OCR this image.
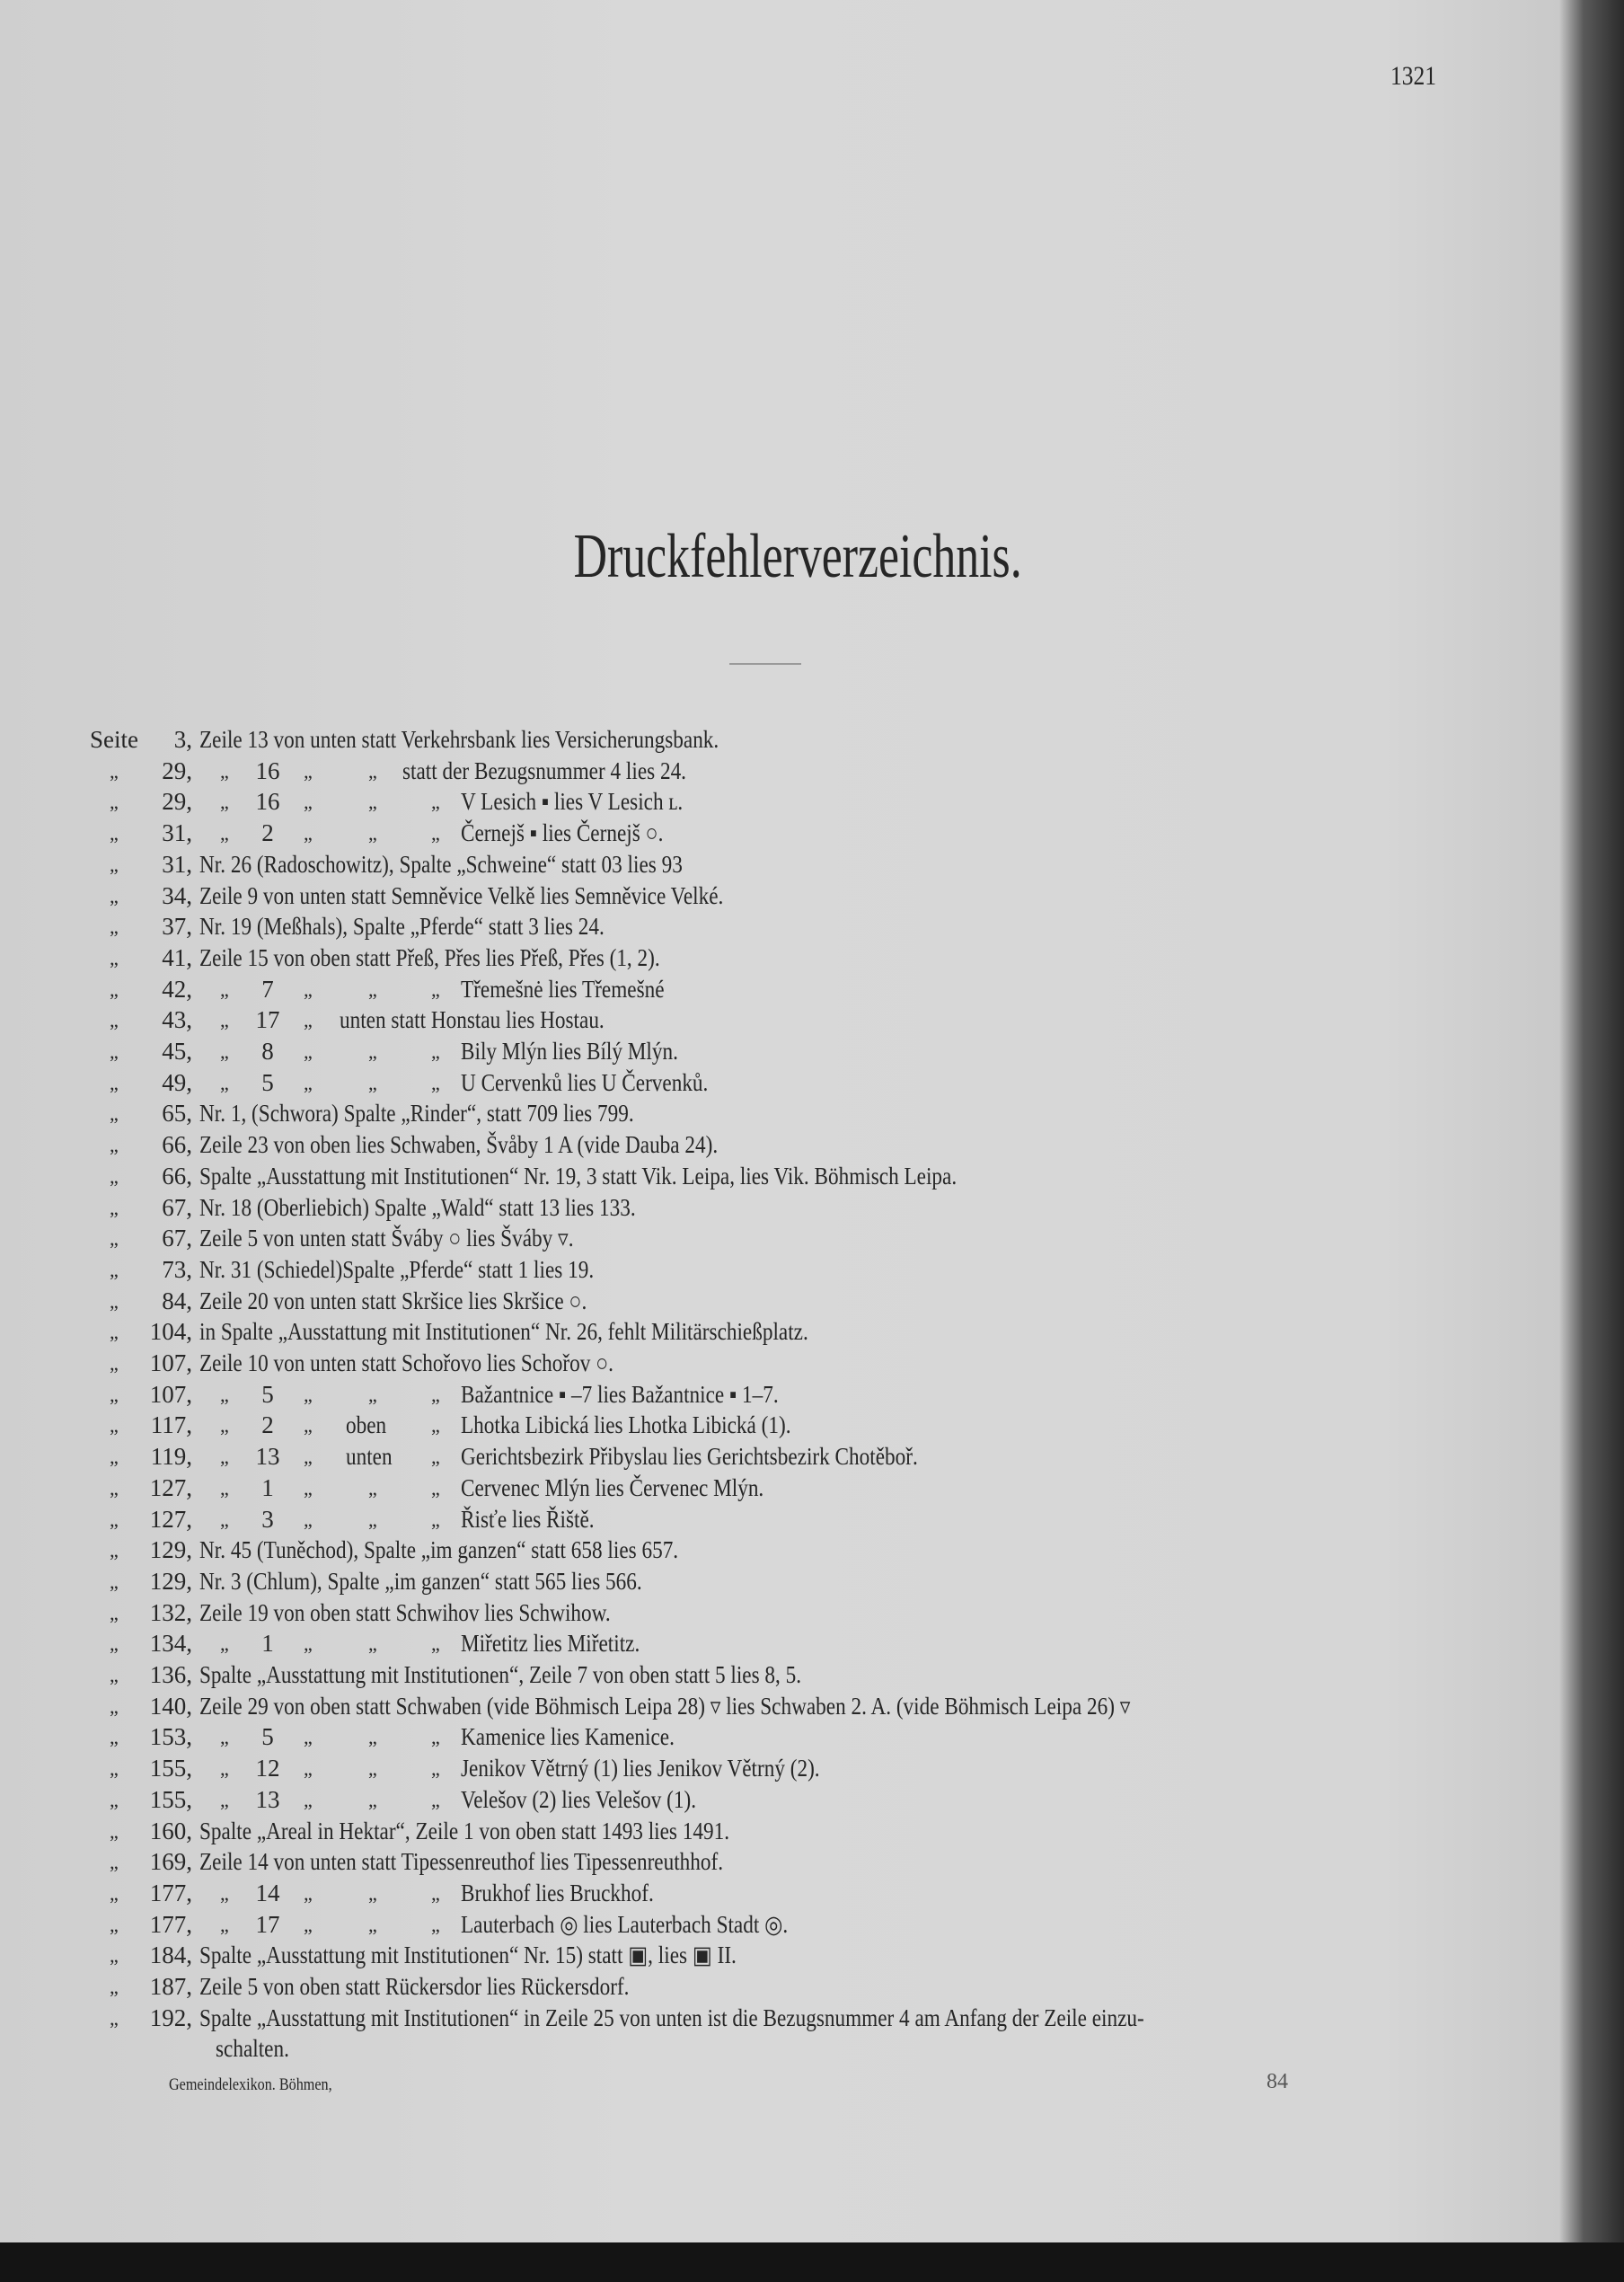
1321
Druckfehlerverzeichnis.
Seite 3 , Zeile 13 von unten statt Verkehrsbank lies Versicherungsbank.
„ 29 ,	„ 16 „	„ statt der Bezugsnummer 4 lies 24.
„ 29 ,	„ 16 „	„	„ V Lesich ▪ lies V Lesich ʟ.
„ 31 ,	„	2	„	„	„ Černejš ▪ lies Černejš ○.
„ 31 , Nr. 26 (Radoschowitz), Spalte „Schweine“ statt 03 lies 93
„ 34 , Zeile 9 von unten statt Semněvice Velkě lies Semněvice Velké.
„ 37 , Nr. 19 (Meßhals), Spalte „Pferde“ statt 3 lies 24.
„ 41 , Zeile 15 von oben statt Přeß, Přes lies Přeß, Přes (1, 2).
„ 42 ,	„	7	„	„	„ Třemešnė lies Třemešné
„ 43 ,	„ 17 „ unten statt Honstau lies Hostau.
„ 45 ,	„	8	„	„	„ Bily Mlýn lies Bílý Mlýn.
„ 49 ,	„	5	„	„	„ U Cervenků lies U Červenků.
„ 65 , Nr. 1, (Schwora) Spalte „Rinder“, statt 709 lies 799.
„ 66 , Zeile 23 von oben lies Schwaben, Švåby 1 A (vide Dauba 24).
„ 66 , Spalte „Ausstattung mit Institutionen“ Nr. 19, 3 statt Vik. Leipa, lies Vik. Böhmisch Leipa.
„ 67 , Nr. 18 (Oberliebich) Spalte „Wald“ statt 13 lies 133.
„ 67 , Zeile 5 von unten statt Šváby ○ lies Šváby ▿.
„ 73 , Nr. 31 (Schiedel)Spalte „Pferde“ statt 1 lies 19.
„ 84 , Zeile 20 von unten statt Skršice lies Skršice ○.
„ 104 , in Spalte „Ausstattung mit Institutionen“ Nr. 26, fehlt Militärschießplatz.
„ 107 , Zeile 10 von unten statt Schořovo lies Schořov ○.
„ 107 ,	„	5	„	„	„ Bažantnice ▪ –7 lies Bažantnice ▪ 1–7.
„ 117 ,	„	2	„ oben „ Lhotka Libická lies Lhotka Libická (1).
„ 119 ,	„ 13 „ unten „ Gerichtsbezirk Přibyslau lies Gerichtsbezirk Chotěboř.
„ 127 ,	„	1	„	„	„ Cervenec Mlýn lies Červenec Mlýn.
„ 127 ,	„	3	„	„	„ Řisťe lies Řiště.
„ 129 , Nr. 45 (Tuněchod), Spalte „im ganzen“ statt 658 lies 657.
„ 129 , Nr. 3 (Chlum), Spalte „im ganzen“ statt 565 lies 566.
„ 132 , Zeile 19 von oben statt Schwihov lies Schwihow.
„ 134 ,	„	1	„	„	„ Miřetitz lies Miřetitz.
„ 136 , Spalte „Ausstattung mit Institutionen“, Zeile 7 von oben statt 5 lies 8, 5.
„ 140 , Zeile 29 von oben statt Schwaben (vide Böhmisch Leipa 28) ▿ lies Schwaben 2. A. (vide Böhmisch Leipa 26) ▿
„ 153 ,	„	5	„	„	„ Kamenice lies Kamenice.
„ 155 ,	„ 12 „	„	„ Jenikov Větrný (1) lies Jenikov Větrný (2).
„ 155 ,	„ 13 „	„	„ Velešov (2) lies Velešov (1).
„ 160 , Spalte „Areal in Hektar“, Zeile 1 von oben statt 1493 lies 1491.
„ 169 , Zeile 14 von unten statt Tipessenreuthof lies Tipessenreuthhof.
„ 177 ,	„ 14 „	„	„ Brukhof lies Bruckhof.
„ 177 ,	„ 17 „	„	„ Lauterbach ◎ lies Lauterbach Stadt ◎.
„ 184 , Spalte „Ausstattung mit Institutionen“ Nr. 15) statt ▣, lies ▣ II.
„ 187 , Zeile 5 von oben statt Rückersdor lies Rückersdorf.
„ 192 , Spalte „Ausstattung mit Institutionen“ in Zeile 25 von unten ist die Bezugsnummer 4 am Anfang der Zeile einzu-
schalten.
Gemeindelexikon. Böhmen,	84
